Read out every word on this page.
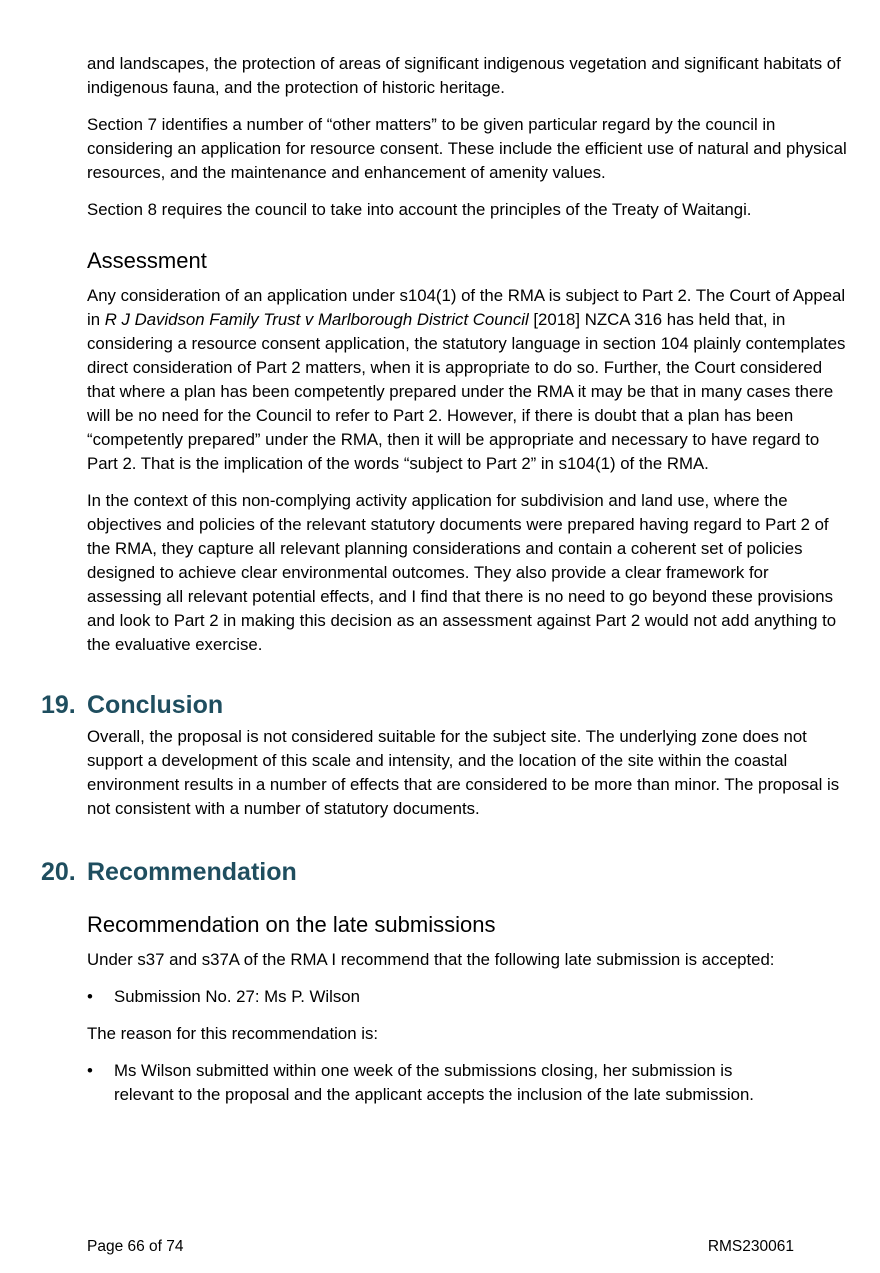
and landscapes, the protection of areas of significant indigenous vegetation and significant habitats of indigenous fauna, and the protection of historic heritage.

Section 7 identifies a number of “other matters” to be given particular regard by the council in considering an application for resource consent. These include the efficient use of natural and physical resources, and the maintenance and enhancement of amenity values.

Section 8 requires the council to take into account the principles of the Treaty of Waitangi.

Assessment

Any consideration of an application under s104(1) of the RMA is subject to Part 2. The Court of Appeal in R J Davidson Family Trust v Marlborough District Council [2018] NZCA 316 has held that, in considering a resource consent application, the statutory language in section 104 plainly contemplates direct consideration of Part 2 matters, when it is appropriate to do so. Further, the Court considered that where a plan has been competently prepared under the RMA it may be that in many cases there will be no need for the Council to refer to Part 2. However, if there is doubt that a plan has been “competently prepared” under the RMA, then it will be appropriate and necessary to have regard to Part 2. That is the implication of the words “subject to Part 2” in s104(1) of the RMA.

In the context of this non-complying activity application for subdivision and land use, where the objectives and policies of the relevant statutory documents were prepared having regard to Part 2 of the RMA, they capture all relevant planning considerations and contain a coherent set of policies designed to achieve clear environmental outcomes. They also provide a clear framework for assessing all relevant potential effects, and I find that there is no need to go beyond these provisions and look to Part 2 in making this decision as an assessment against Part 2 would not add anything to the evaluative exercise.

19. Conclusion

Overall, the proposal is not considered suitable for the subject site. The underlying zone does not support a development of this scale and intensity, and the location of the site within the coastal environment results in a number of effects that are considered to be more than minor. The proposal is not consistent with a number of statutory documents.

20. Recommendation
Recommendation on the late submissions

Under s37 and s37A of the RMA I recommend that the following late submission is accepted:

• Submission No. 27: Ms P. Wilson

The reason for this recommendation is:

• Ms Wilson submitted within one week of the submissions closing, her submission is relevant to the proposal and the applicant accepts the inclusion of the late submission.
Page 66 of 74	RMS230061
